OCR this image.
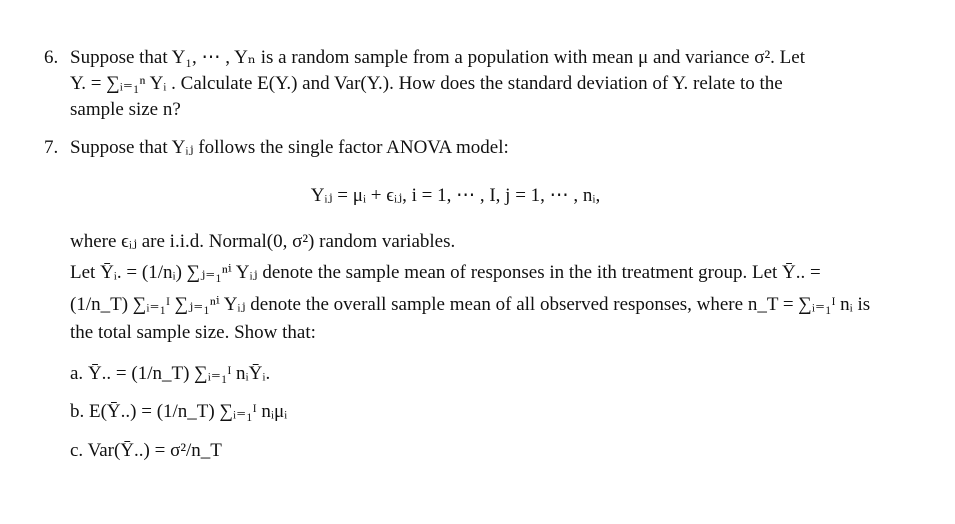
6. Suppose that Y₁, ⋯ , Yₙ is a random sample from a population with mean μ and variance σ². Let
Y. = ∑ᵢ₌₁ⁿ Yᵢ . Calculate E(Y.) and Var(Y.). How does the standard deviation of Y. relate to the
sample size n?
7. Suppose that Yᵢⱼ follows the single factor ANOVA model:
Yᵢⱼ = μᵢ + ϵᵢⱼ, i = 1, ⋯ , I, j = 1, ⋯ , nᵢ,
where ϵᵢⱼ are i.i.d. Normal(0, σ²) random variables.
Let Ȳᵢ. = (1/nᵢ) ∑ⱼ₌₁ⁿⁱ Yᵢⱼ denote the sample mean of responses in the ith treatment group. Let Ȳ.. =
(1/n_T) ∑ᵢ₌₁ᴵ ∑ⱼ₌₁ⁿⁱ Yᵢⱼ denote the overall sample mean of all observed responses, where n_T = ∑ᵢ₌₁ᴵ nᵢ is
the total sample size. Show that:
a. Ȳ.. = (1/n_T) ∑ᵢ₌₁ᴵ nᵢȲᵢ.
b. E(Ȳ..) = (1/n_T) ∑ᵢ₌₁ᴵ nᵢμᵢ
c. Var(Ȳ..) = σ²/n_T
